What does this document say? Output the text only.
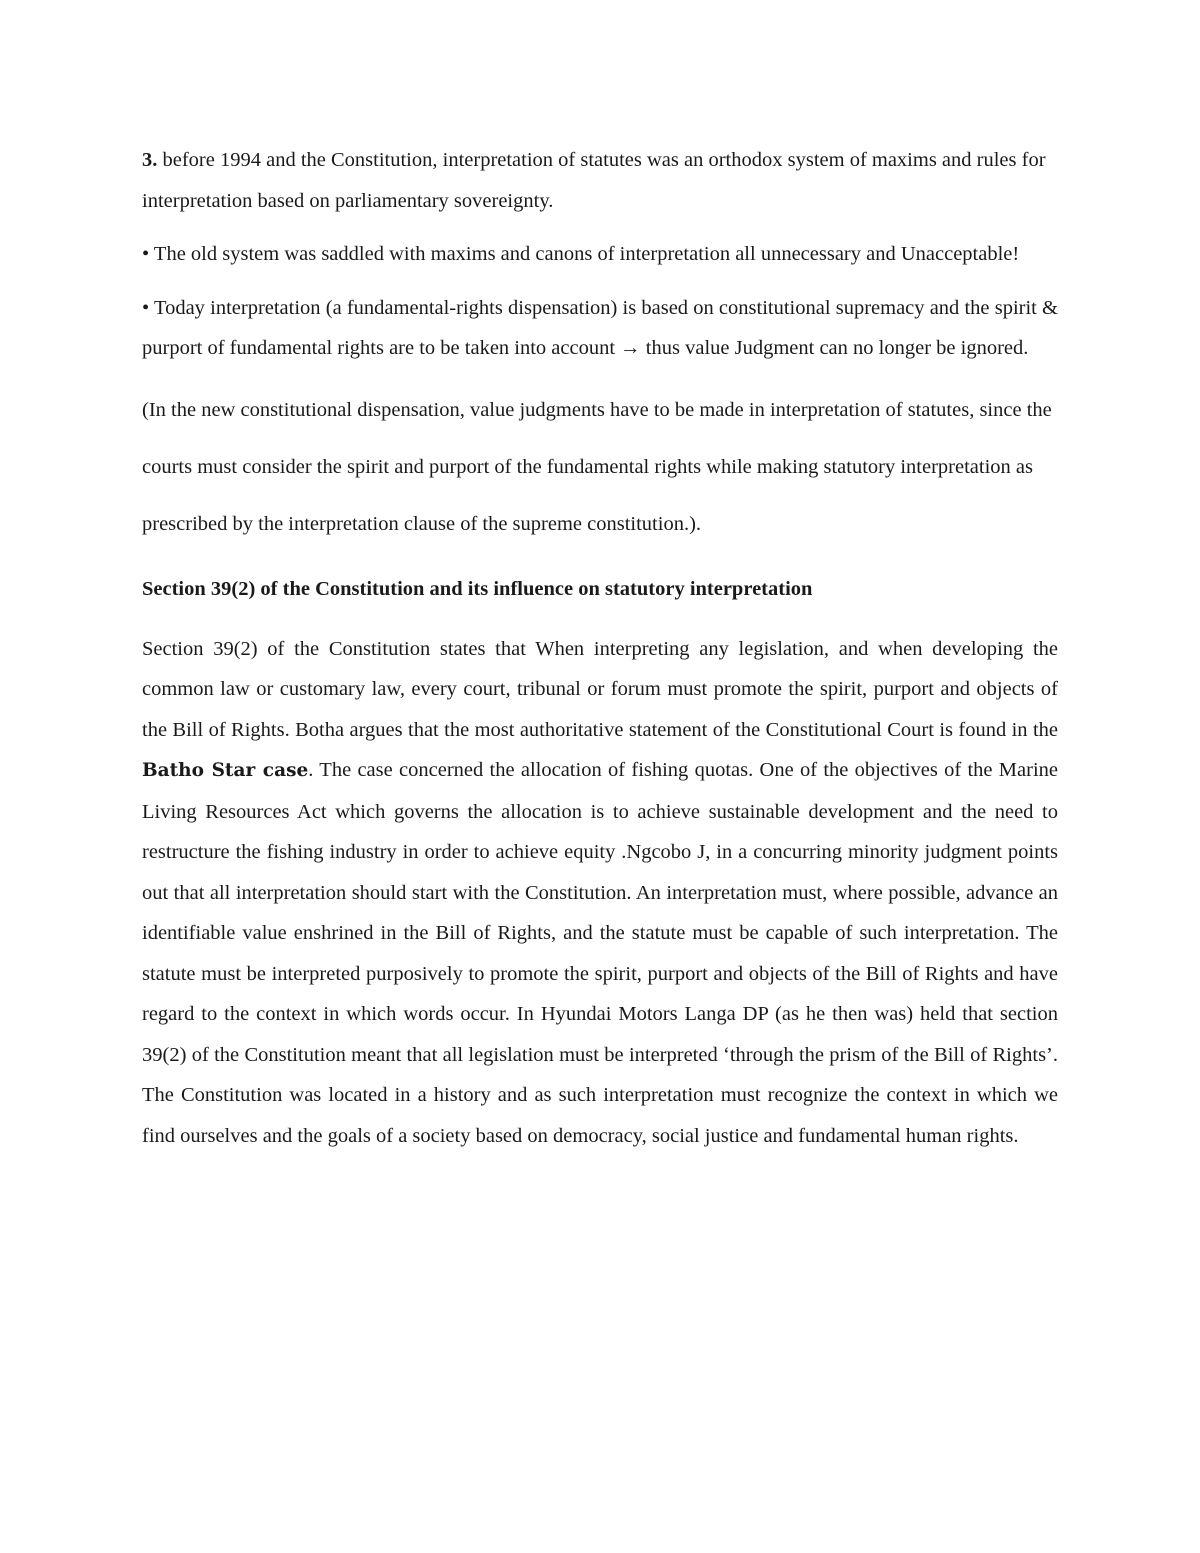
3. before 1994 and the Constitution, interpretation of statutes was an orthodox system of maxims and rules for interpretation based on parliamentary sovereignty.

• The old system was saddled with maxims and canons of interpretation all unnecessary and Unacceptable!

• Today interpretation (a fundamental-rights dispensation) is based on constitutional supremacy and the spirit & purport of fundamental rights are to be taken into account → thus value Judgment can no longer be ignored.

(In the new constitutional dispensation, value judgments have to be made in interpretation of statutes, since the courts must consider the spirit and purport of the fundamental rights while making statutory interpretation as prescribed by the interpretation clause of the supreme constitution.).

Section 39(2) of the Constitution and its influence on statutory interpretation

Section 39(2) of the Constitution states that When interpreting any legislation, and when developing the common law or customary law, every court, tribunal or forum must promote the spirit, purport and objects of the Bill of Rights. Botha argues that the most authoritative statement of the Constitutional Court is found in the Batho Star case. The case concerned the allocation of fishing quotas. One of the objectives of the Marine Living Resources Act which governs the allocation is to achieve sustainable development and the need to restructure the fishing industry in order to achieve equity .Ngcobo J, in a concurring minority judgment points out that all interpretation should start with the Constitution. An interpretation must, where possible, advance an identifiable value enshrined in the Bill of Rights, and the statute must be capable of such interpretation. The statute must be interpreted purposively to promote the spirit, purport and objects of the Bill of Rights and have regard to the context in which words occur. In Hyundai Motors Langa DP (as he then was) held that section 39(2) of the Constitution meant that all legislation must be interpreted ‘through the prism of the Bill of Rights’. The Constitution was located in a history and as such interpretation must recognize the context in which we find ourselves and the goals of a society based on democracy, social justice and fundamental human rights.
